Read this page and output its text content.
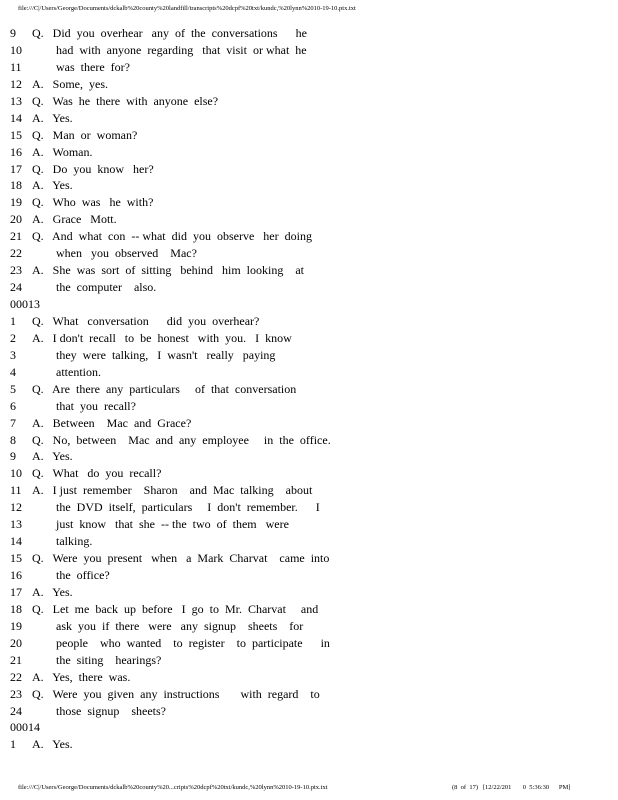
file:///C|/Users/George/Documents/dckalb%20county%20landfill/transcripts%20dcpf%20txt/kundc,%20lynn%2010-19-10.ptx.txt
9 Q.   Did  you  overhear   any  of  the  conversations      he
10	had  with  anyone  regarding   that  visit  or what  he
11	was  there  for?
12 A.   Some,  yes.
13 Q.   Was  he  there  with  anyone  else?
14 A.   Yes.
15 Q.   Man  or  woman?
16 A.   Woman.
17 Q.   Do  you  know   her?
18 A.   Yes.
19 Q.   Who  was   he  with?
20 A.   Grace   Mott.
21 Q.   And  what  con  -- what  did  you  observe   her  doing
22	when   you  observed    Mac?
23 A.   She  was  sort  of  sitting   behind   him  looking    at
24	the  computer    also.
00013
1 Q.   What   conversation      did  you  overhear?
2 A.   I don't  recall   to  be  honest   with  you.   I  know
3	they  were  talking,   I  wasn't   really   paying
4	attention.
5 Q.   Are  there  any  particulars     of  that  conversation
6	that  you  recall?
7 A.   Between    Mac  and  Grace?
8 Q.   No,  between    Mac  and  any  employee     in  the  office.
9 A.   Yes.
10 Q.   What   do  you  recall?
11 A.   I just  remember    Sharon    and  Mac  talking    about
12	the  DVD  itself,  particulars     I  don't  remember.      I
13	just  know   that  she  -- the  two  of  them   were
14	talking.
15 Q.   Were  you  present   when   a  Mark  Charvat    came  into
16	the  office?
17 A.   Yes.
18 Q.   Let  me  back  up  before   I  go  to  Mr.  Charvat     and
19	ask  you  if  there   were   any  signup    sheets    for
20	people    who  wanted    to  register    to  participate      in
21	the  siting    hearings?
22 A.   Yes,  there  was.
23 Q.   Were  you  given  any  instructions       with  regard    to
24	those  signup    sheets?
00014
1 A.   Yes.
file:///C|/Users/George/Documents/dckalb%20county%20...cripts%20dcpf%20txt/kundc,%20lynn%2010-19-10.ptx.txt	(8  of  17)   [12/22/201       0  5:36:30      PM]
